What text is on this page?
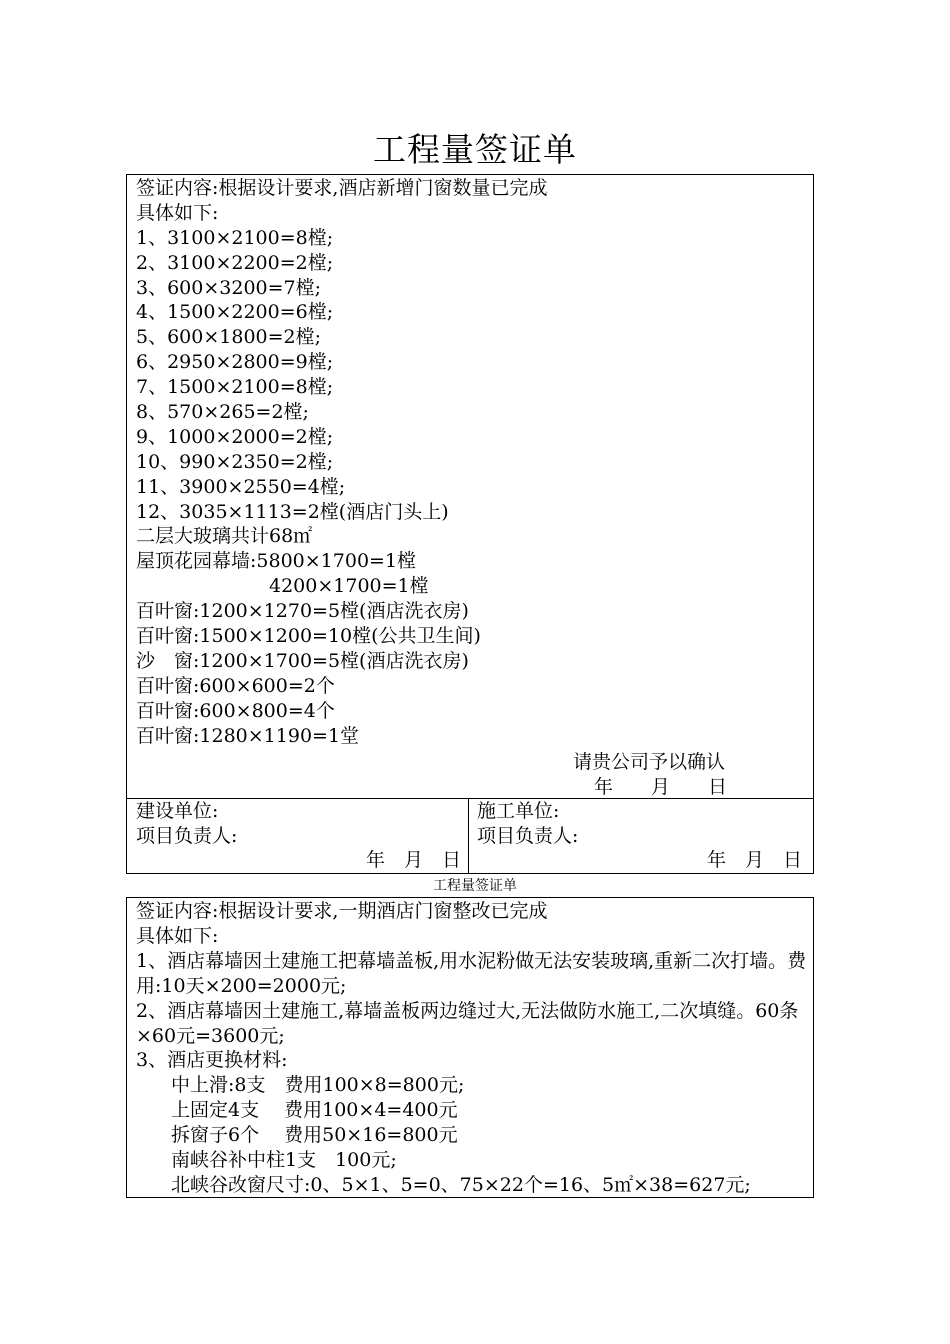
工程量签证单
签证内容:根据设计要求,酒店新增门窗数量已完成
具体如下:
1、3100×2100=8樘;
2、3100×2200=2樘;
3、600×3200=7樘;
4、1500×2200=6樘;
5、600×1800=2樘;
6、2950×2800=9樘;
7、1500×2100=8樘;
8、570×265=2樘;
9、1000×2000=2樘;
10、990×2350=2樘;
11、3900×2550=4樘;
12、3035×1113=2樘(酒店门头上)
二层大玻璃共计68㎡
屋顶花园幕墙:5800×1700=1樘
　　　　　　　4200×1700=1樘
百叶窗:1200×1270=5樘(酒店洗衣房)
百叶窗:1500×1200=10樘(公共卫生间)
沙　窗:1200×1700=5樘(酒店洗衣房)
百叶窗:600×600=2个
百叶窗:600×800=4个
百叶窗:1280×1190=1堂
请贵公司予以确认
年　　月　　日
建设单位:
项目负责人:
年　月　日
施工单位:
项目负责人:
年　月　日
工程量签证单
签证内容:根据设计要求,一期酒店门窗整改已完成
具体如下:
1、酒店幕墙因土建施工把幕墙盖板,用水泥粉做无法安装玻璃,重新二次打墙。费用:10天×200=2000元;
2、酒店幕墙因土建施工,幕墙盖板两边缝过大,无法做防水施工,二次填缝。60条×60元=3600元;
3、酒店更换材料:
中上滑:8支　费用100×8=800元;
上固定4支　 费用100×4=400元
拆窗子6个　 费用50×16=800元
南峡谷补中柱1支　100元;
北峡谷改窗尺寸:0、5×1、5=0、75×22个=16、5㎡×38=627元;
